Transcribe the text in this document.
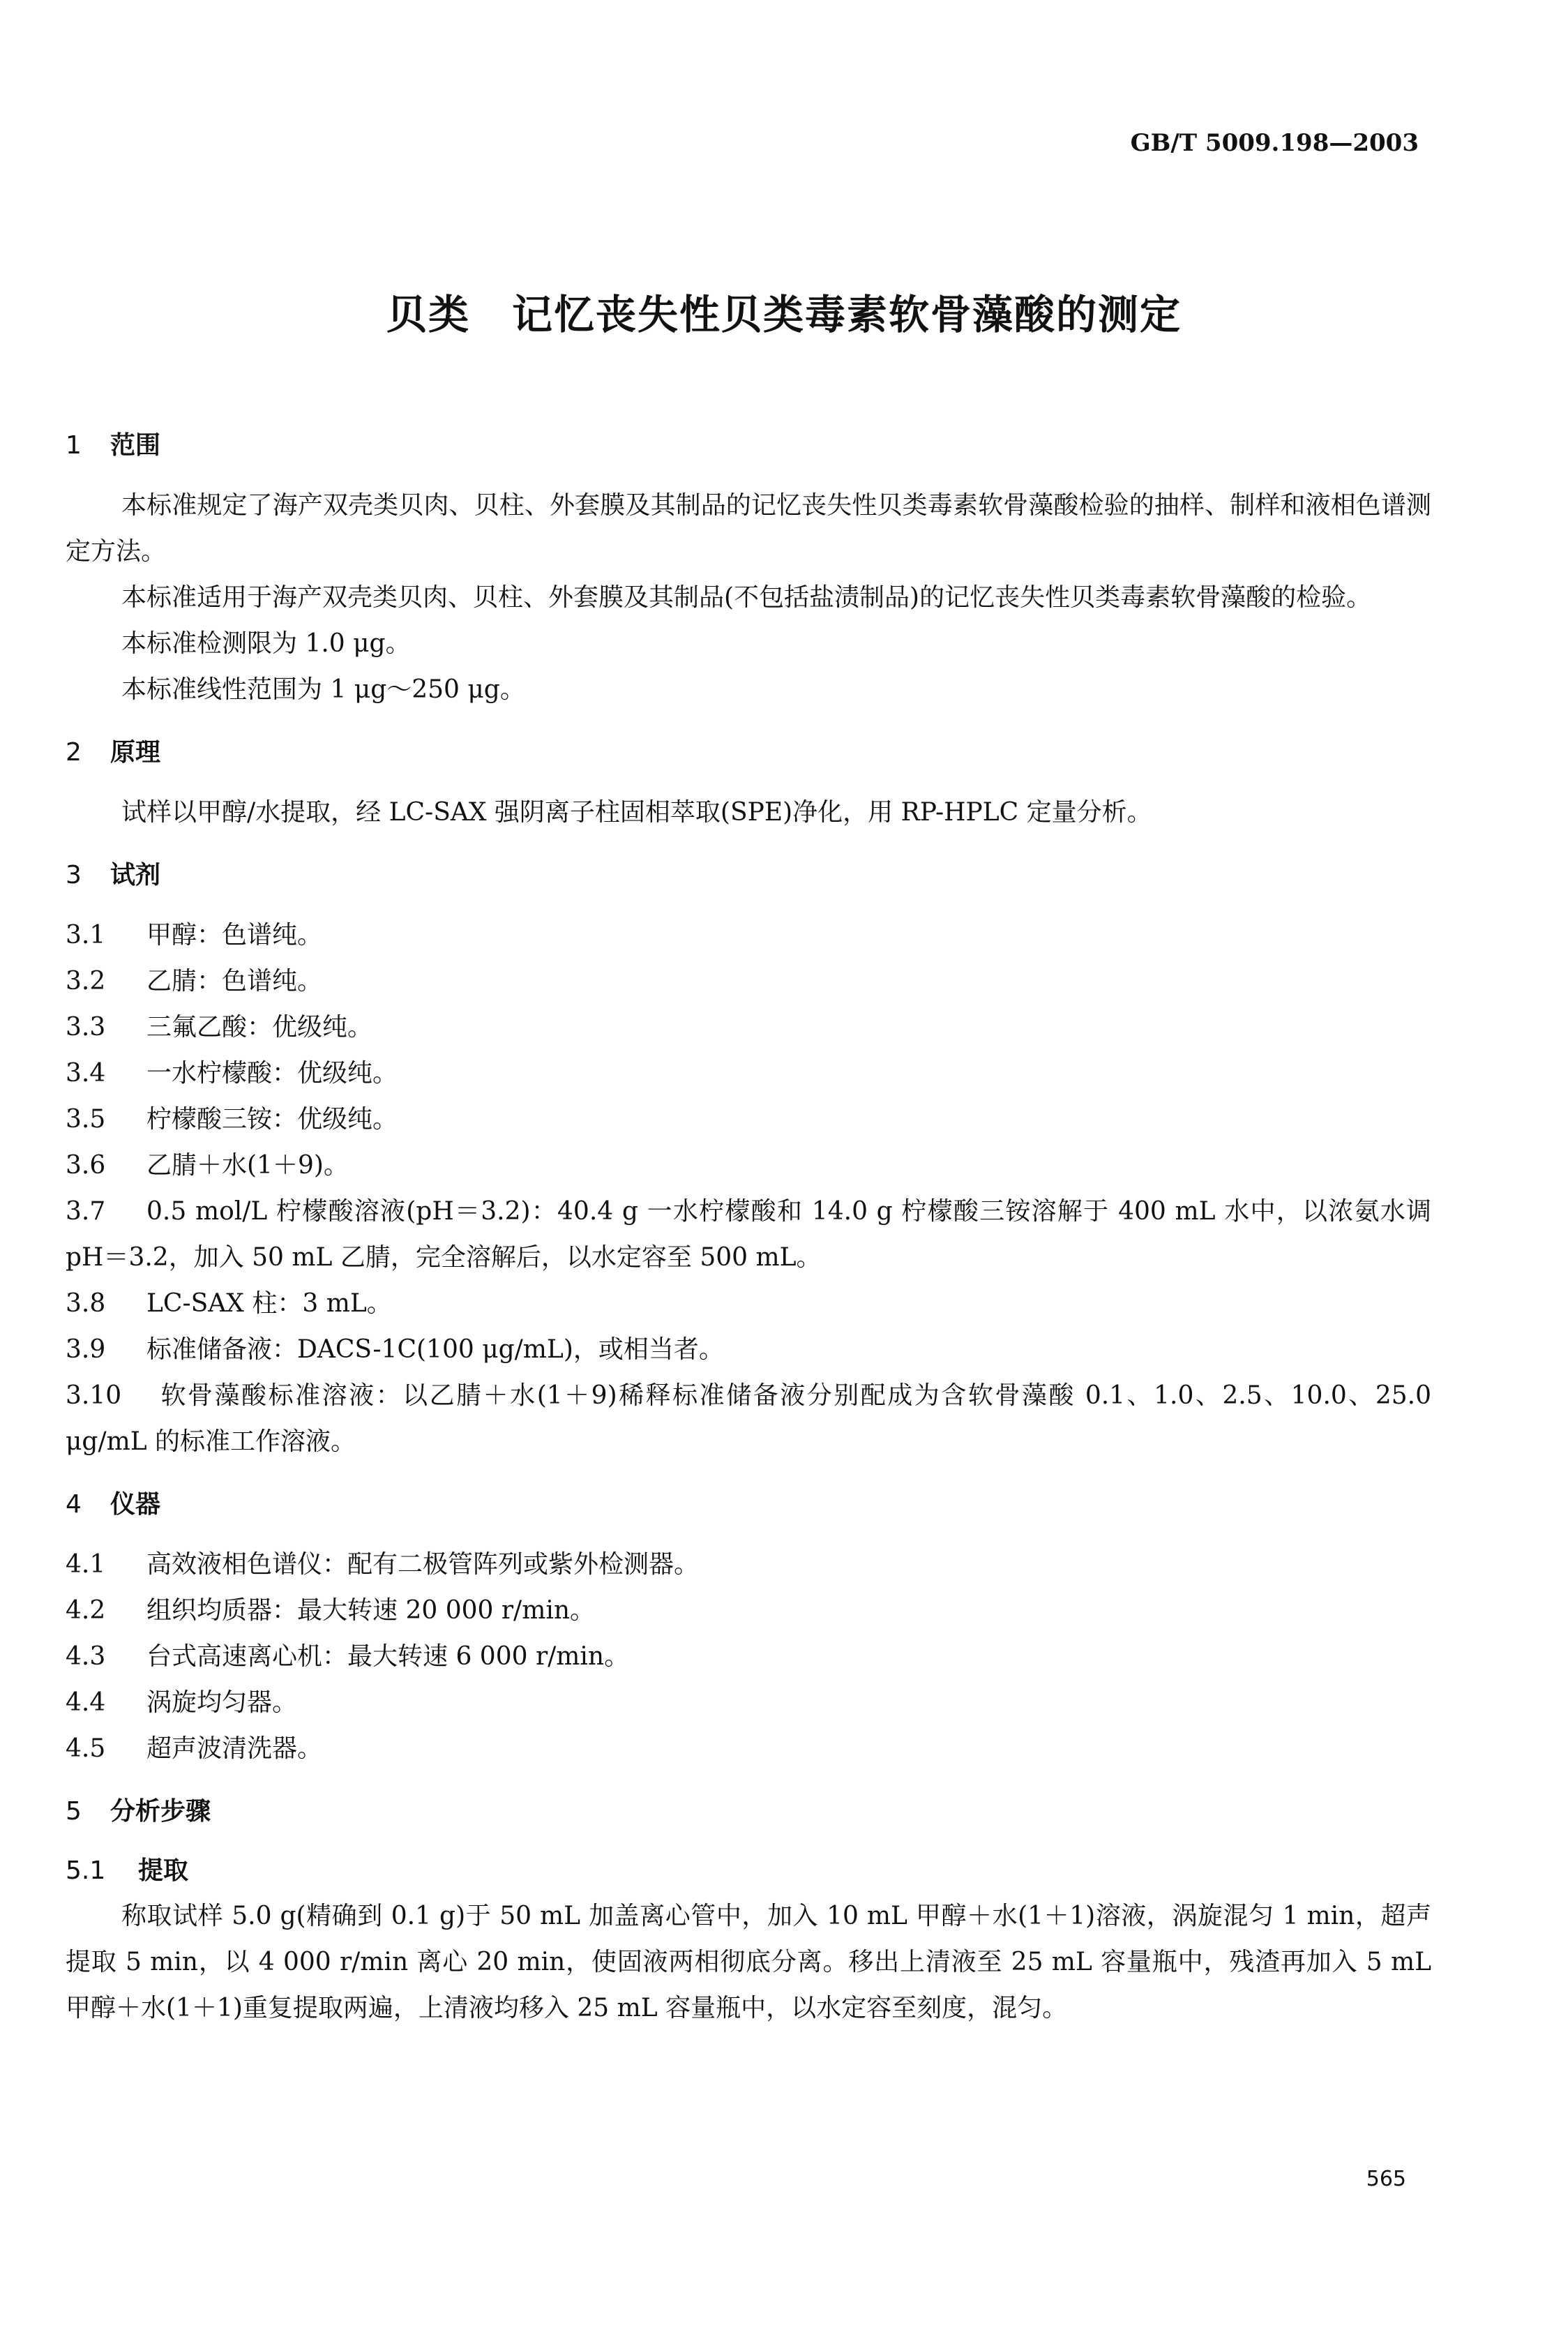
GB/T 5009.198—2003
贝类　记忆丧失性贝类毒素软骨藻酸的测定
1 范围

本标准规定了海产双壳类贝肉、贝柱、外套膜及其制品的记忆丧失性贝类毒素软骨藻酸检验的抽样、制样和液相色谱测定方法。

本标准适用于海产双壳类贝肉、贝柱、外套膜及其制品(不包括盐渍制品)的记忆丧失性贝类毒素软骨藻酸的检验。

本标准检测限为 1.0 μg。

本标准线性范围为 1 μg～250 μg。

2 原理

试样以甲醇/水提取，经 LC-SAX 强阴离子柱固相萃取(SPE)净化，用 RP-HPLC 定量分析。

3 试剂

3.1 甲醇：色谱纯。

3.2 乙腈：色谱纯。

3.3 三氟乙酸：优级纯。

3.4 一水柠檬酸：优级纯。

3.5 柠檬酸三铵：优级纯。

3.6 乙腈＋水(1＋9)。

3.7 0.5 mol/L 柠檬酸溶液(pH＝3.2)：40.4 g 一水柠檬酸和 14.0 g 柠檬酸三铵溶解于 400 mL 水中，以浓氨水调 pH＝3.2，加入 50 mL 乙腈，完全溶解后，以水定容至 500 mL。

3.8 LC-SAX 柱：3 mL。

3.9 标准储备液：DACS-1C(100 μg/mL)，或相当者。

3.10 软骨藻酸标准溶液：以乙腈＋水(1＋9)稀释标准储备液分别配成为含软骨藻酸 0.1、1.0、2.5、10.0、25.0 μg/mL 的标准工作溶液。

4 仪器

4.1 高效液相色谱仪：配有二极管阵列或紫外检测器。

4.2 组织均质器：最大转速 20 000 r/min。

4.3 台式高速离心机：最大转速 6 000 r/min。

4.4 涡旋均匀器。

4.5 超声波清洗器。

5 分析步骤
5.1 提取

称取试样 5.0 g(精确到 0.1 g)于 50 mL 加盖离心管中，加入 10 mL 甲醇＋水(1＋1)溶液，涡旋混匀 1 min，超声提取 5 min，以 4 000 r/min 离心 20 min，使固液两相彻底分离。移出上清液至 25 mL 容量瓶中，残渣再加入 5 mL 甲醇＋水(1＋1)重复提取两遍，上清液均移入 25 mL 容量瓶中，以水定容至刻度，混匀。

565
